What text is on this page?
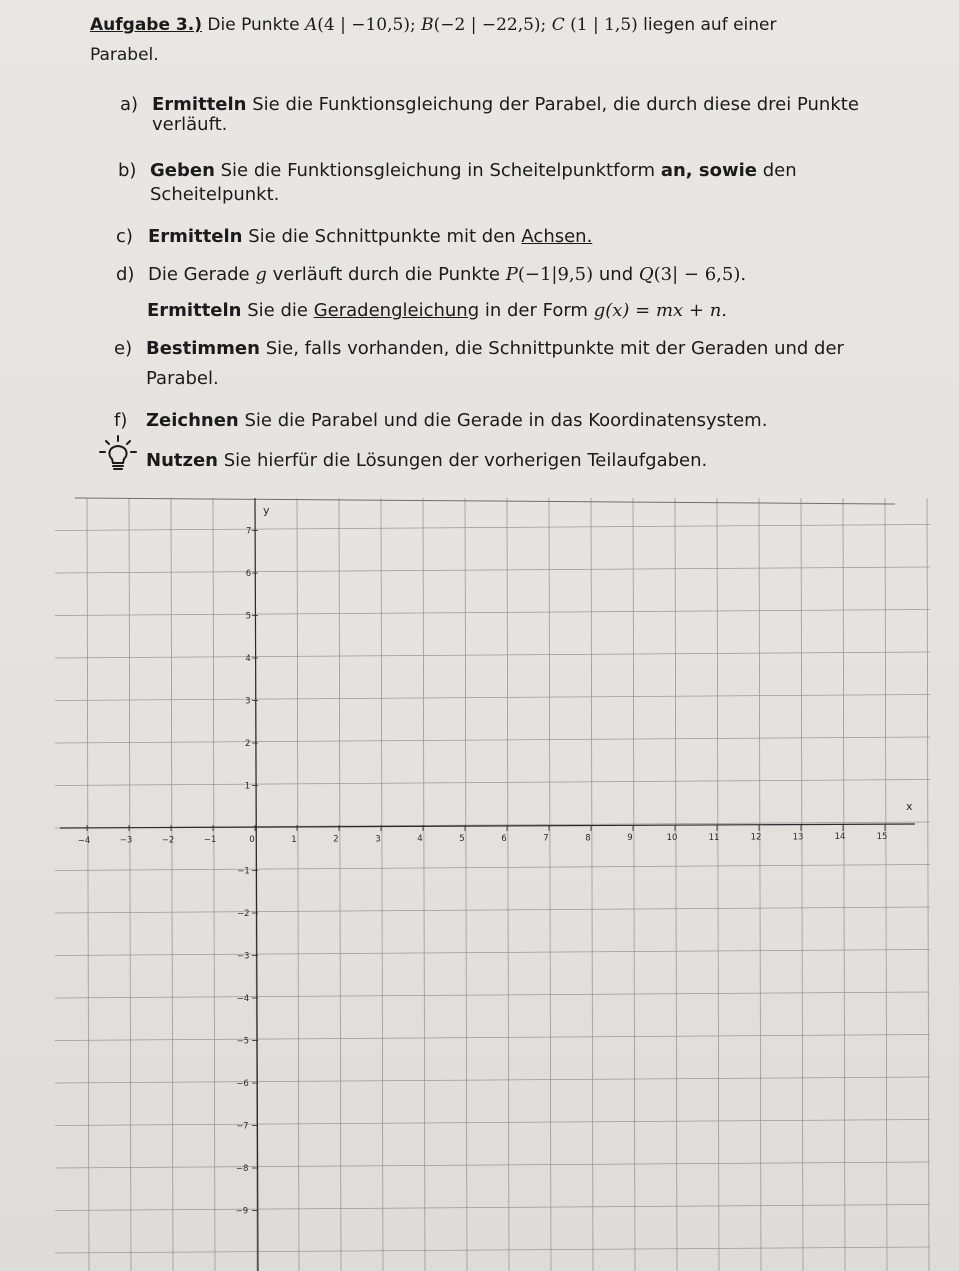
Aufgabe 3.) Die Punkte A(4 | −10,5); B(−2 | −22,5); C (1 | 1,5) liegen auf einer
Parabel.
a) Ermitteln Sie die Funktionsgleichung der Parabel, die durch diese drei Punkte
verläuft.
b) Geben Sie die Funktionsgleichung in Scheitelpunktform an, sowie den
Scheitelpunkt.
c) Ermitteln Sie die Schnittpunkte mit den Achsen.
d) Die Gerade g verläuft durch die Punkte P(−1|9,5) und Q(3| − 6,5).
Ermitteln Sie die Geradengleichung in der Form g(x) = mx + n.
e) Bestimmen Sie, falls vorhanden, die Schnittpunkte mit der Geraden und der
Parabel.
f) Zeichnen Sie die Parabel und die Gerade in das Koordinatensystem.
Nutzen Sie hierfür die Lösungen der vorherigen Teilaufgaben.
x
y
−4	−3	−2	−1	0	1	2	3	4	5	6	7	8	9	10	11	12	13	14	15
7
6
5
4
3
2
1
−1
−2
−3
−4
−5
−6
−7
−8
−9
